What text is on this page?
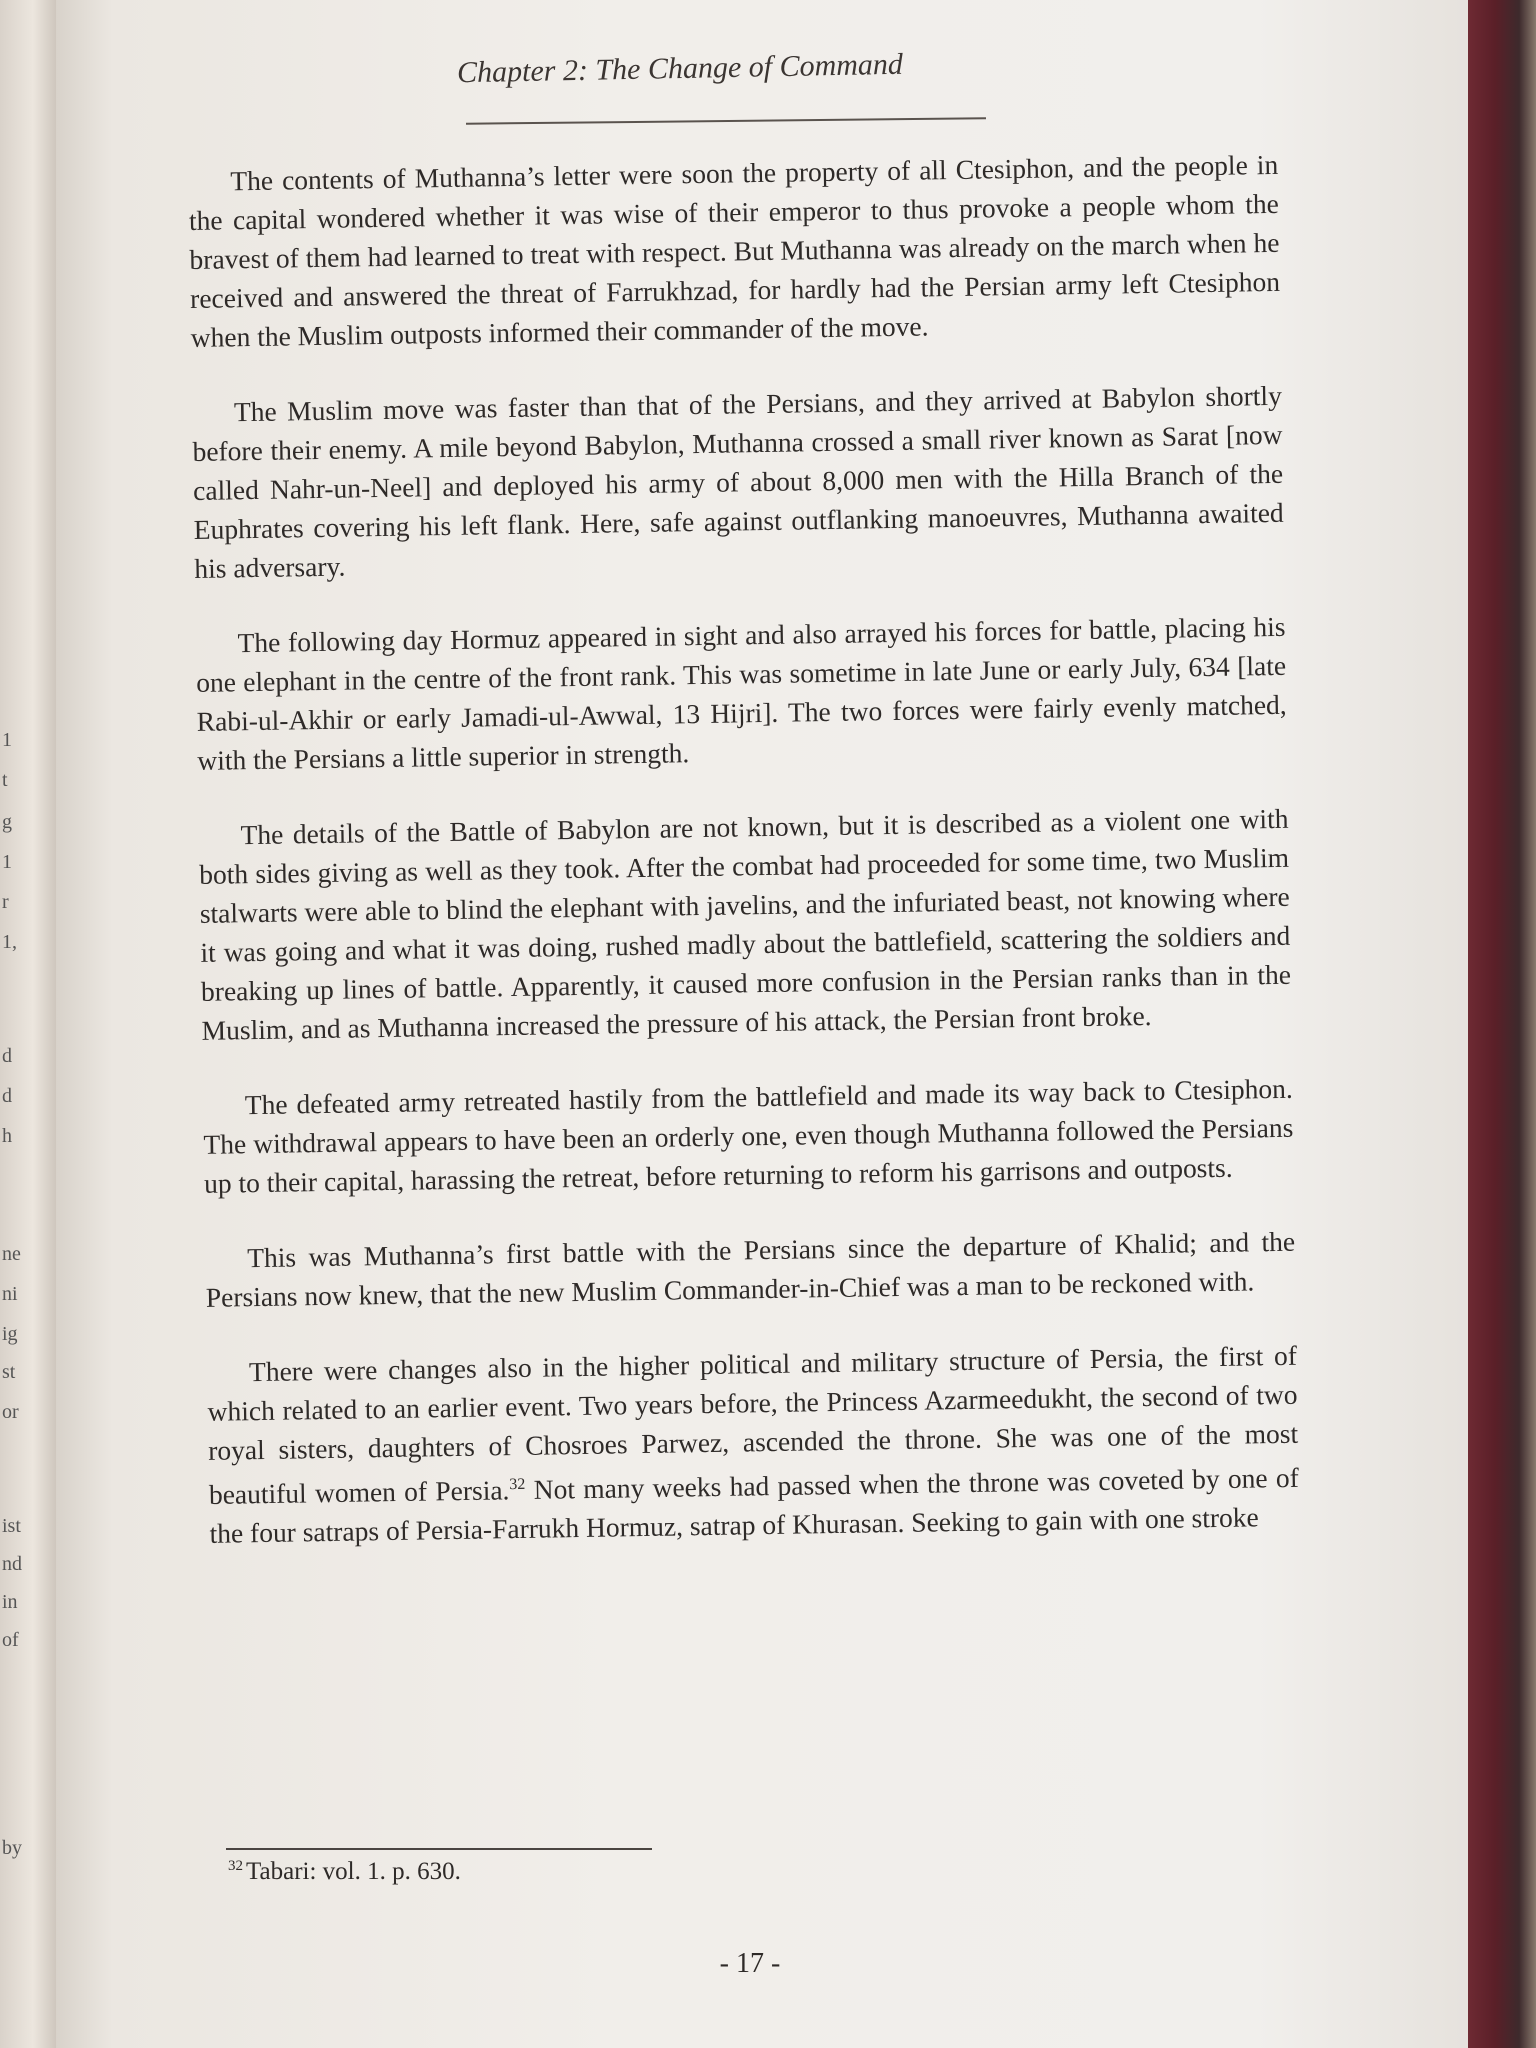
1
t
g
1
r
1,
d
d
h
ne
ni
ig
st
or
ist
nd
in
of
by
Chapter 2: The Change of Command

The contents of Muthanna’s letter were soon the property of all Ctesiphon, and the people in the capital wondered whether it was wise of their emperor to thus provoke a people whom the bravest of them had learned to treat with respect. But Muthanna was already on the march when he received and answered the threat of Farrukhzad, for hardly had the Persian army left Ctesiphon when the Muslim outposts informed their commander of the move.

The Muslim move was faster than that of the Persians, and they arrived at Babylon shortly before their enemy. A mile beyond Babylon, Muthanna crossed a small river known as Sarat [now called Nahr-un-Neel] and deployed his army of about 8,000 men with the Hilla Branch of the Euphrates covering his left flank. Here, safe against outflanking manoeuvres, Muthanna awaited his adversary.

The following day Hormuz appeared in sight and also arrayed his forces for battle, placing his one elephant in the centre of the front rank. This was sometime in late June or early July, 634 [late Rabi-ul-Akhir or early Jamadi-ul-Awwal, 13 Hijri]. The two forces were fairly evenly matched, with the Persians a little superior in strength.

The details of the Battle of Babylon are not known, but it is described as a violent one with both sides giving as well as they took. After the combat had proceeded for some time, two Muslim stalwarts were able to blind the elephant with javelins, and the infuriated beast, not knowing where it was going and what it was doing, rushed madly about the battlefield, scattering the soldiers and breaking up lines of battle. Apparently, it caused more confusion in the Persian ranks than in the Muslim, and as Muthanna increased the pressure of his attack, the Persian front broke.

The defeated army retreated hastily from the battlefield and made its way back to Ctesiphon. The withdrawal appears to have been an orderly one, even though Muthanna followed the Persians up to their capital, harassing the retreat, before returning to reform his garrisons and outposts.

This was Muthanna’s first battle with the Persians since the departure of Khalid; and the Persians now knew, that the new Muslim Commander-in-Chief was a man to be reckoned with.

There were changes also in the higher political and military structure of Persia, the first of which related to an earlier event. Two years before, the Princess Azarmeedukht, the second of two royal sisters, daughters of Chosroes Parwez, ascended the throne. She was one of the most beautiful women of Persia.$^{32}$ Not many weeks had passed when the throne was coveted by one of the four satraps of Persia-Farrukh Hormuz, satrap of Khurasan. Seeking to gain with one stroke

$^{32}$ Tabari: vol. 1. p. 630.
- 17 -
